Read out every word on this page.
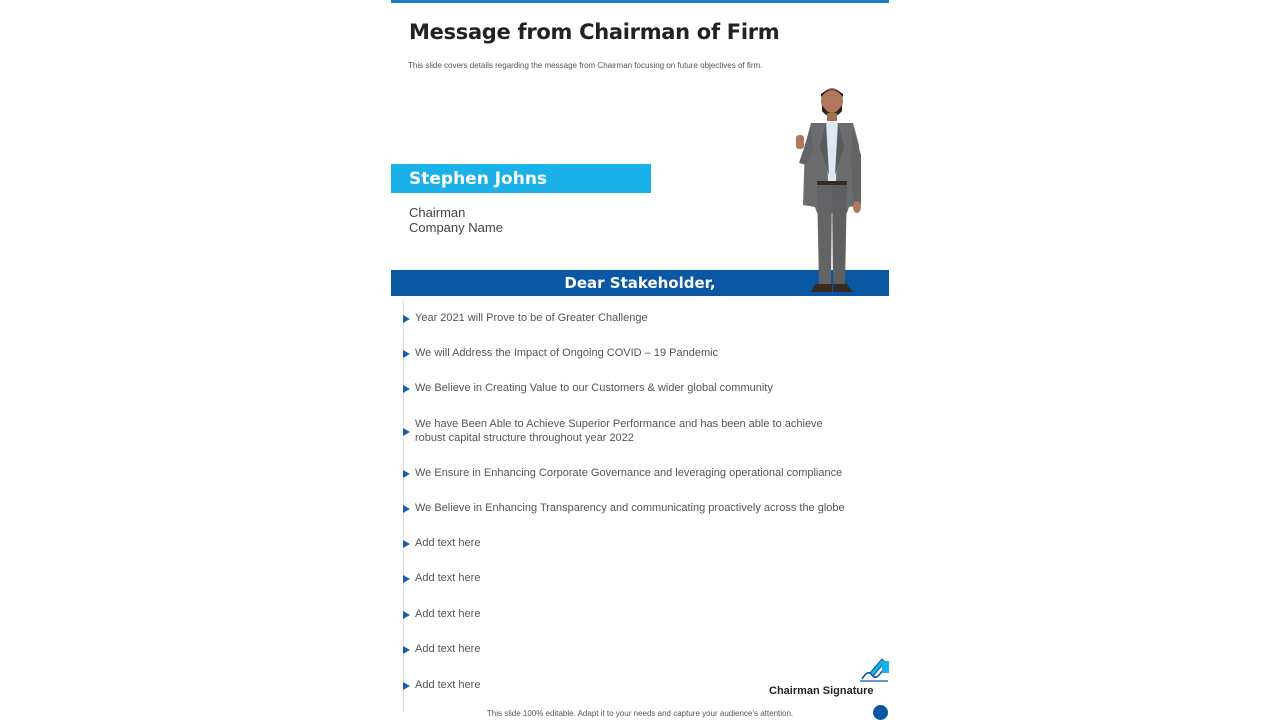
Message from Chairman of Firm
This slide covers details regarding the message from Chairman focusing on future objectives of firm.
Stephen Johns
Chairman
Company Name
Dear Stakeholder,
Year 2021 will Prove to be of Greater Challenge
We will Address the Impact of Ongoing COVID – 19 Pandemic
We Believe in Creating Value to our Customers & wider global community
We have Been Able to Achieve Superior Performance and has been able to achieve robust capital structure throughout year 2022
We Ensure in Enhancing Corporate Governance and leveraging operational compliance
We Believe in Enhancing Transparency and communicating proactively across the globe
Add text here
Add text here
Add text here
Add text here
Add text here	Chairman Signature
This slide 100% editable. Adapt it to your needs and capture your audience’s attention.
